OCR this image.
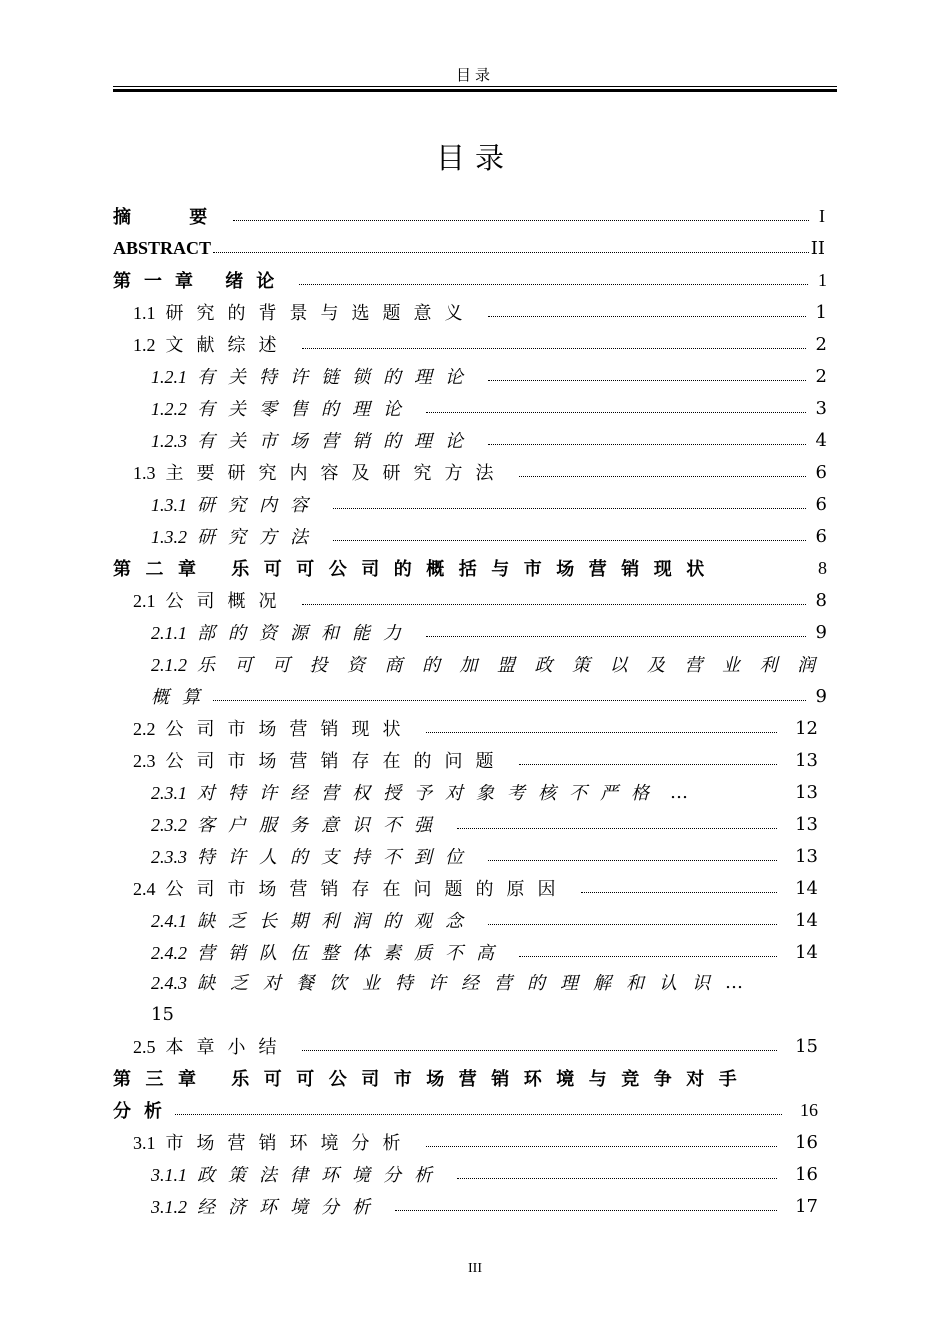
目录
目录
摘 要	I
ABSTRACT	II
第一章 绪论	1
1.1 研究的背景与选题意义	1
1.2 文献综述	2
1.2.1 有关特许链锁的理论	2
1.2.2 有关零售的理论	3
1.2.3 有关市场营销的理论	4
1.3 主要研究内容及研究方法	6
1.3.1 研究内容	6
1.3.2 研究方法	6
第二章 乐可可公司的概括与市场营销现状	8
2.1 公司概况	8
2.1.1 部的资源和能力	9
2.1.2 乐可可投资商的加盟政策以及营业利润
概算	9
2.2 公司市场营销现状	12
2.3 公司市场营销存在的问题	13
2.3.1 对特许经营权授予对象考核不严格 …	13
2.3.2 客户服务意识不强	13
2.3.3 特许人的支持不到位	13
2.4 公司市场营销存在问题的原因	14
2.4.1 缺乏长期利润的观念	14
2.4.2 营销队伍整体素质不高	14
2.4.3 缺乏对餐饮业特许经营的理解和认识 …
15
2.5 本章小结	15
第三章 乐可可公司市场营销环境与竞争对手
分析	16
3.1 市场营销环境分析	16
3.1.1 政策法律环境分析	16
3.1.2 经济环境分析	17
III
